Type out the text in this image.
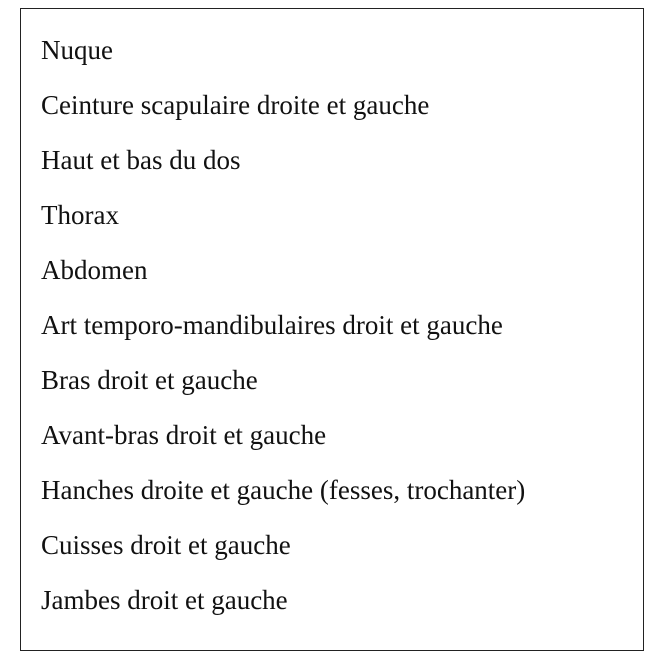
Nuque
Ceinture scapulaire droite et gauche
Haut et bas du dos
Thorax
Abdomen
Art temporo-mandibulaires droit et gauche
Bras droit et gauche
Avant-bras droit et gauche
Hanches droite et gauche (fesses, trochanter)
Cuisses droit et gauche
Jambes droit et gauche
